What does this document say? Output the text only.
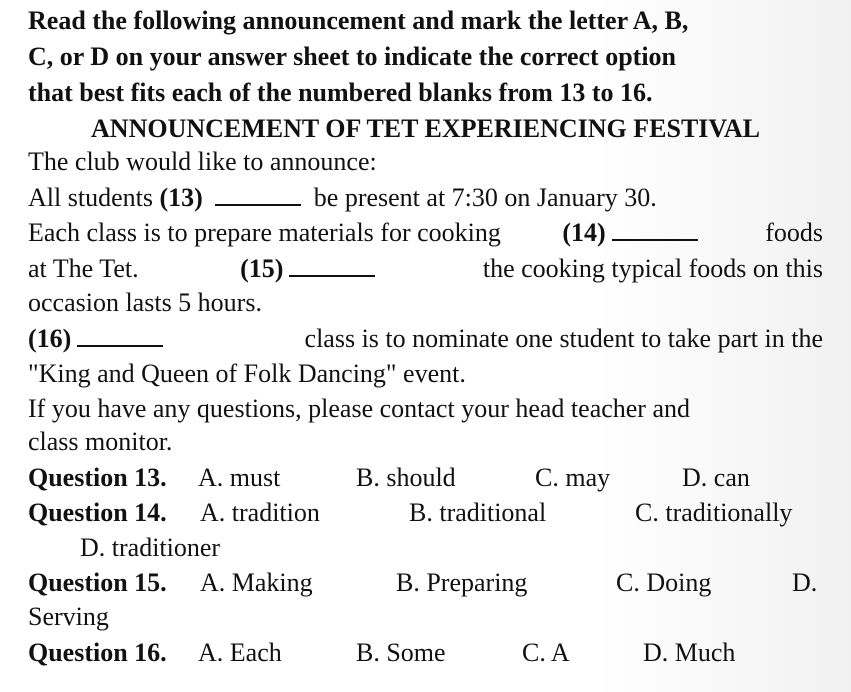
Read the following announcement and mark the letter A, B,
C, or D on your answer sheet to indicate the correct option
that best fits each of the numbered blanks from 13 to 16.
ANNOUNCEMENT OF TET EXPERIENCING FESTIVAL
The club would like to announce:
All students (13)	be present at 7:30 on January 30.
Each class is to prepare materials for cooking (14)	foods
at The Tet.	(15)	the cooking typical foods on this
occasion lasts 5 hours.
(16)	class is to nominate one student to take part in the
"King and Queen of Folk Dancing" event.
If you have any questions, please contact your head teacher and
class monitor.
Question 13. A. must	B. should	C. may	D. can
Question 14. A. tradition	B. traditional	C. traditionally
D. traditioner
Question 15. A. Making	B. Preparing	C. Doing	D.
Serving
Question 16. A. Each	B. Some	C. A	D. Much
